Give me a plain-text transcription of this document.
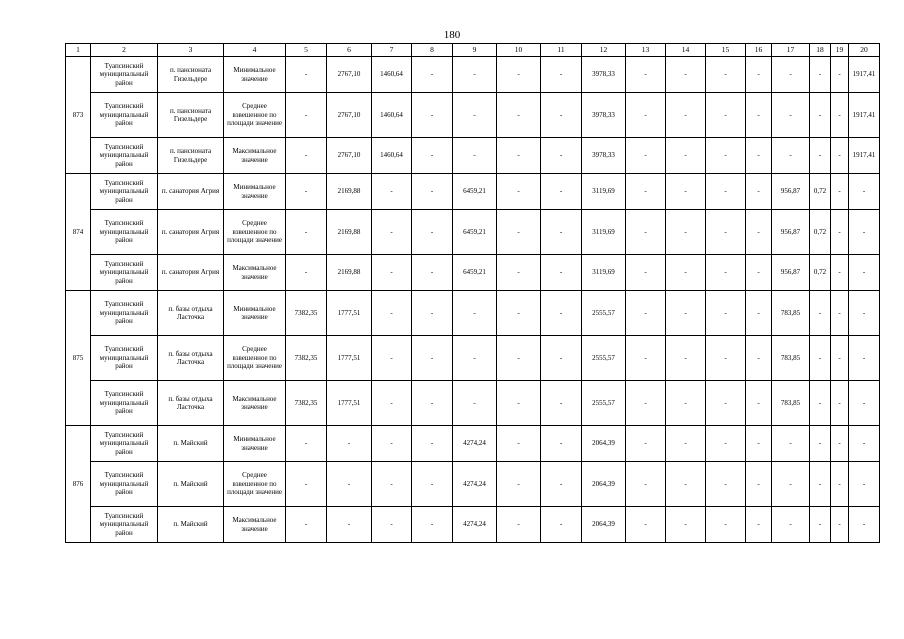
180
1	2	3	4	5	6	7	8	9	10	11	12	13	14	15	16	17	18	19	20
873	Туапсинский муниципальный район	п. пансионата Гизельдере	Минимальное значение	-	2767,10	1460,64	-	-	-	-	3978,33	-	-	-	-	-	-	-	1917,41
	Туапсинский муниципальный район	п. пансионата Гизельдере	Среднее взвешенное по площади значение	-	2767,10	1460,64	-	-	-	-	3978,33	-	-	-	-	-	-	-	1917,41
	Туапсинский муниципальный район	п. пансионата Гизельдере	Максимальное значение	-	2767,10	1460,64	-	-	-	-	3978,33	-	-	-	-	-	-	-	1917,41
874	Туапсинский муниципальный район	п. санатория Агрия	Минимальное значение	-	2169,88	-	-	6459,21	-	-	3119,69	-	-	-	-	956,87	0,72	-	-
	Туапсинский муниципальный район	п. санатория Агрия	Среднее взвешенное по площади значение	-	2169,88	-	-	6459,21	-	-	3119,69	-	-	-	-	956,87	0,72	-	-
	Туапсинский муниципальный район	п. санатория Агрия	Максимальное значение	-	2169,88	-	-	6459,21	-	-	3119,69	-	-	-	-	956,87	0,72	-	-
875	Туапсинский муниципальный район	п. базы отдыха Ласточка	Минимальное значение	7382,35	1777,51	-	-	-	-	-	2555,57	-	-	-	-	783,85	-	-	-
	Туапсинский муниципальный район	п. базы отдыха Ласточка	Среднее взвешенное по площади значение	7382,35	1777,51	-	-	-	-	-	2555,57	-	-	-	-	783,85	-	-	-
	Туапсинский муниципальный район	п. базы отдыха Ласточка	Максимальное значение	7382,35	1777,51	-	-	-	-	-	2555,57	-	-	-	-	783,85	-	-	-
876	Туапсинский муниципальный район	п. Майский	Минимальное значение	-	-	-	-	4274,24	-	-	2064,39	-	-	-	-	-	-	-	-
	Туапсинский муниципальный район	п. Майский	Среднее взвешенное по площади значение	-	-	-	-	4274,24	-	-	2064,39	-	-	-	-	-	-	-	-
	Туапсинский муниципальный район	п. Майский	Максимальное значение	-	-	-	-	4274,24	-	-	2064,39	-	-	-	-	-	-	-	-
